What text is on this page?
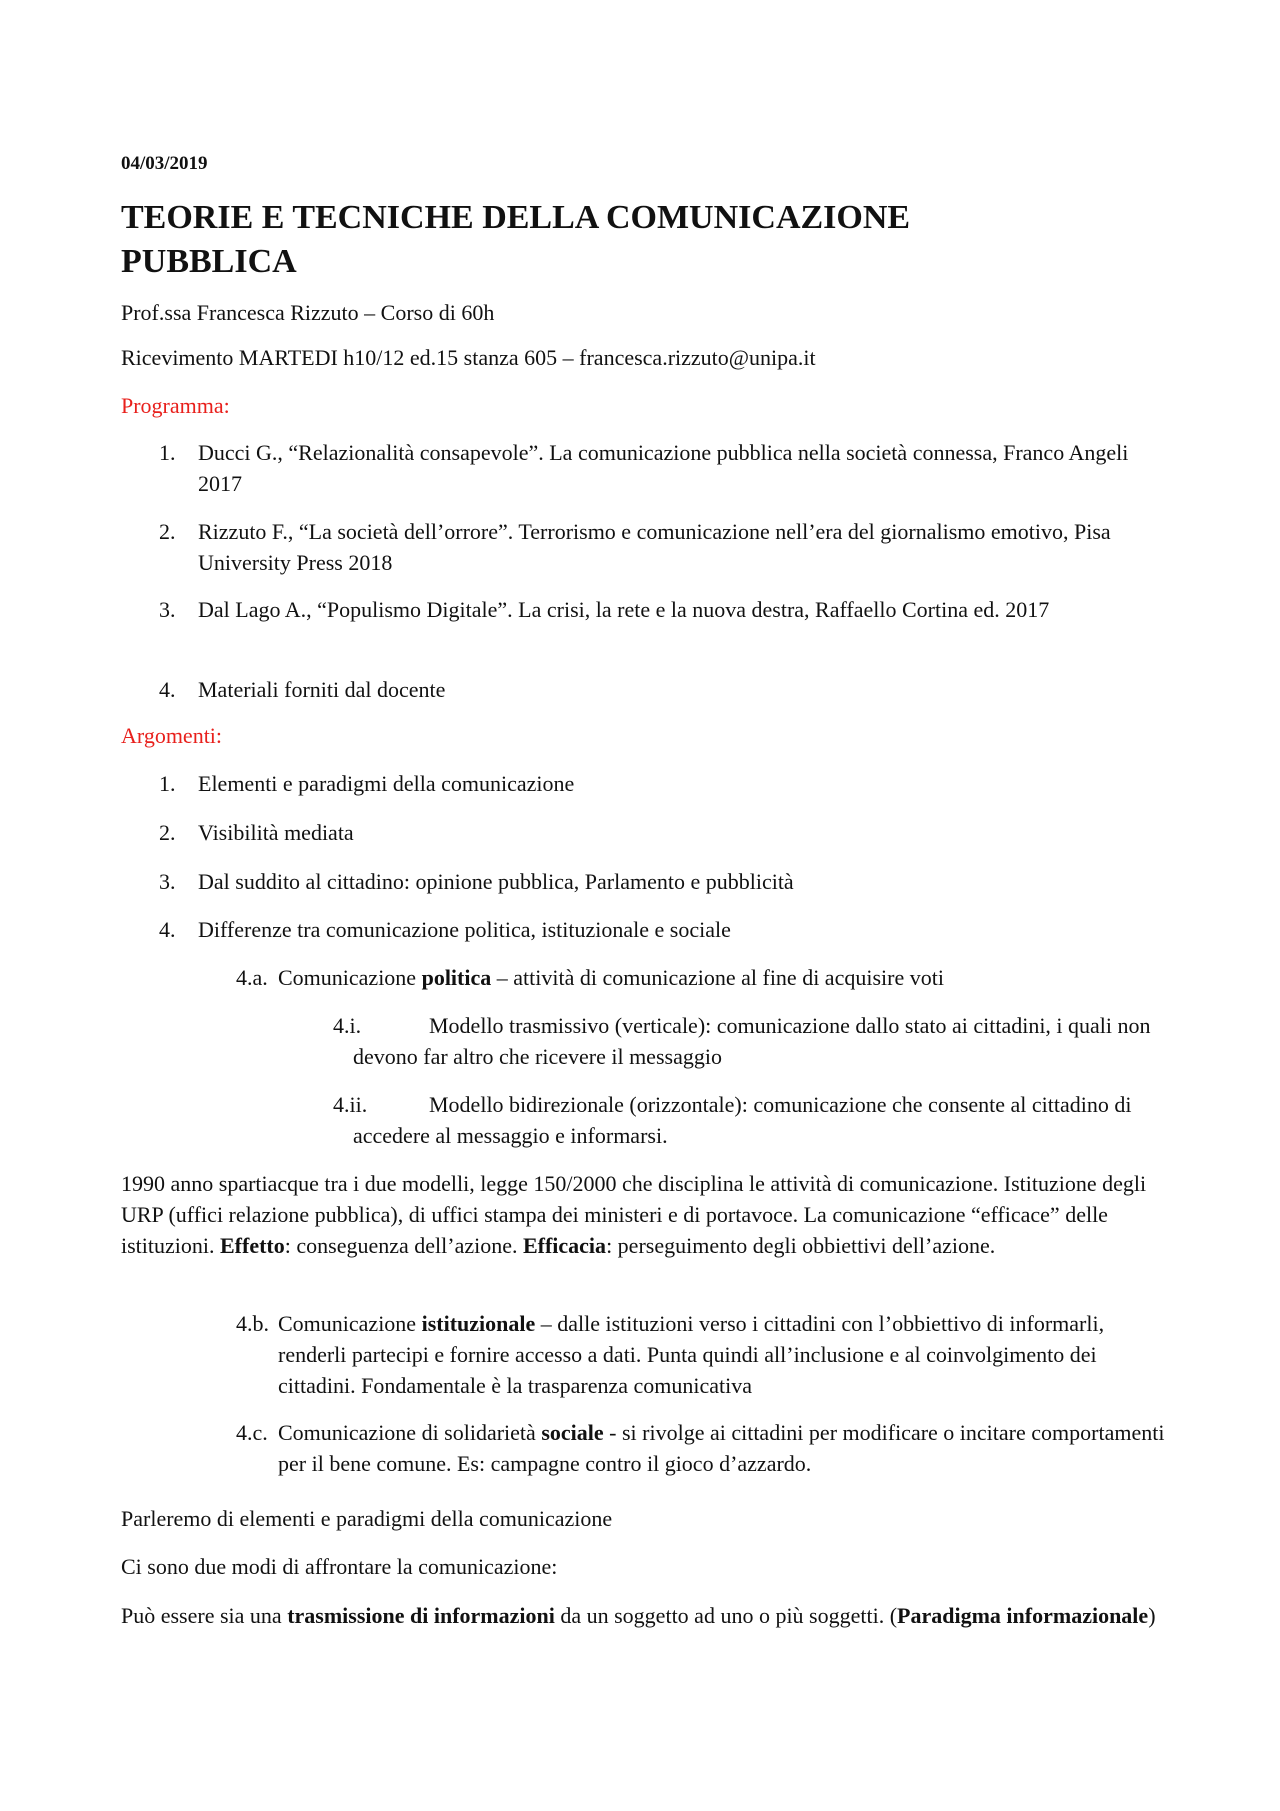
04/03/2019
TEORIE E TECNICHE DELLA COMUNICAZIONE PUBBLICA
Prof.ssa Francesca Rizzuto – Corso di 60h
Ricevimento MARTEDI h10/12 ed.15 stanza 605 – francesca.rizzuto@unipa.it
Programma:
1.	Ducci G., “Relazionalità consapevole”. La comunicazione pubblica nella società connessa, Franco Angeli 2017
2.	Rizzuto F., “La società dell’orrore”. Terrorismo e comunicazione nell’era del giornalismo emotivo, Pisa University Press 2018
3.	Dal Lago A., “Populismo Digitale”. La crisi, la rete e la nuova destra, Raffaello Cortina ed. 2017
4.	Materiali forniti dal docente
Argomenti:
1.	Elementi e paradigmi della comunicazione
2.	Visibilità mediata
3.	Dal suddito al cittadino: opinione pubblica, Parlamento e pubblicità
4.	Differenze tra comunicazione politica, istituzionale e sociale
4.a. Comunicazione politica – attività di comunicazione al fine di acquisire voti
4.i.	Modello trasmissivo (verticale): comunicazione dallo stato ai cittadini, i quali non devono far altro che ricevere il messaggio
4.ii.	Modello bidirezionale (orizzontale): comunicazione che consente al cittadino di accedere al messaggio e informarsi.
1990 anno spartiacque tra i due modelli, legge 150/2000 che disciplina le attività di comunicazione. Istituzione degli URP (uffici relazione pubblica), di uffici stampa dei ministeri e di portavoce. La comunicazione “efficace” delle istituzioni. Effetto: conseguenza dell’azione. Efficacia: perseguimento degli obbiettivi dell’azione.
4.b. Comunicazione istituzionale – dalle istituzioni verso i cittadini con l’obbiettivo di informarli, renderli partecipi e fornire accesso a dati. Punta quindi all’inclusione e al coinvolgimento dei cittadini. Fondamentale è la trasparenza comunicativa
4.c. Comunicazione di solidarietà sociale - si rivolge ai cittadini per modificare o incitare comportamenti per il bene comune. Es: campagne contro il gioco d’azzardo.
Parleremo di elementi e paradigmi della comunicazione
Ci sono due modi di affrontare la comunicazione:
Può essere sia una trasmissione di informazioni da un soggetto ad uno o più soggetti. (Paradigma informazionale)
